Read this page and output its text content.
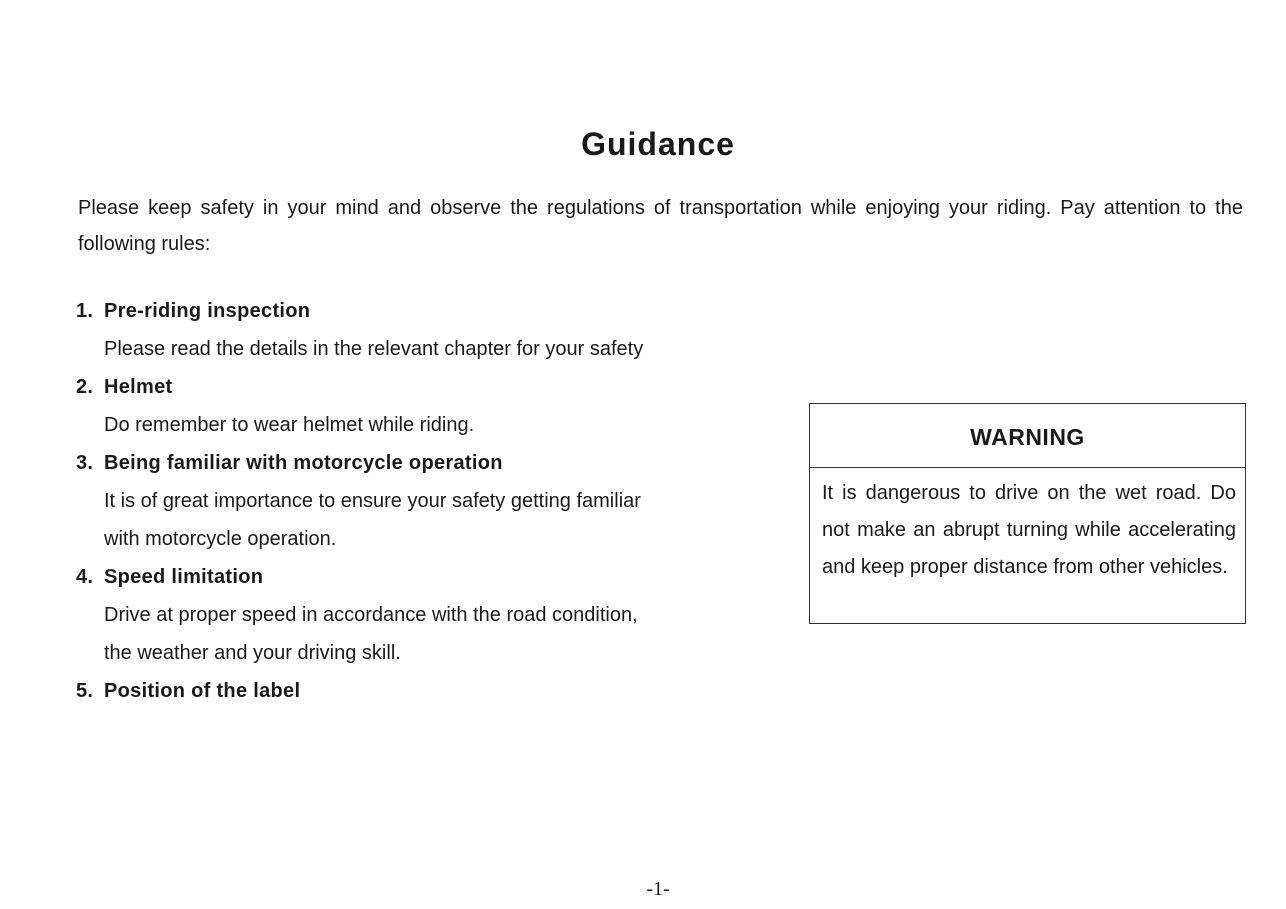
Guidance

Please keep safety in your mind and observe the regulations of transportation while enjoying your riding. Pay attention to the following rules:

1. Pre-riding inspection
Please read the details in the relevant chapter for your safety
2. Helmet
Do remember to wear helmet while riding.
3. Being familiar with motorcycle operation
It is of great importance to ensure your safety getting familiar
with motorcycle operation.
4. Speed limitation
Drive at proper speed in accordance with the road condition,
the weather and your driving skill.
5. Position of the label
WARNING
It is dangerous to drive on the wet road. Do not make an abrupt turning while accelerating and keep proper distance from other vehicles.
-1-
